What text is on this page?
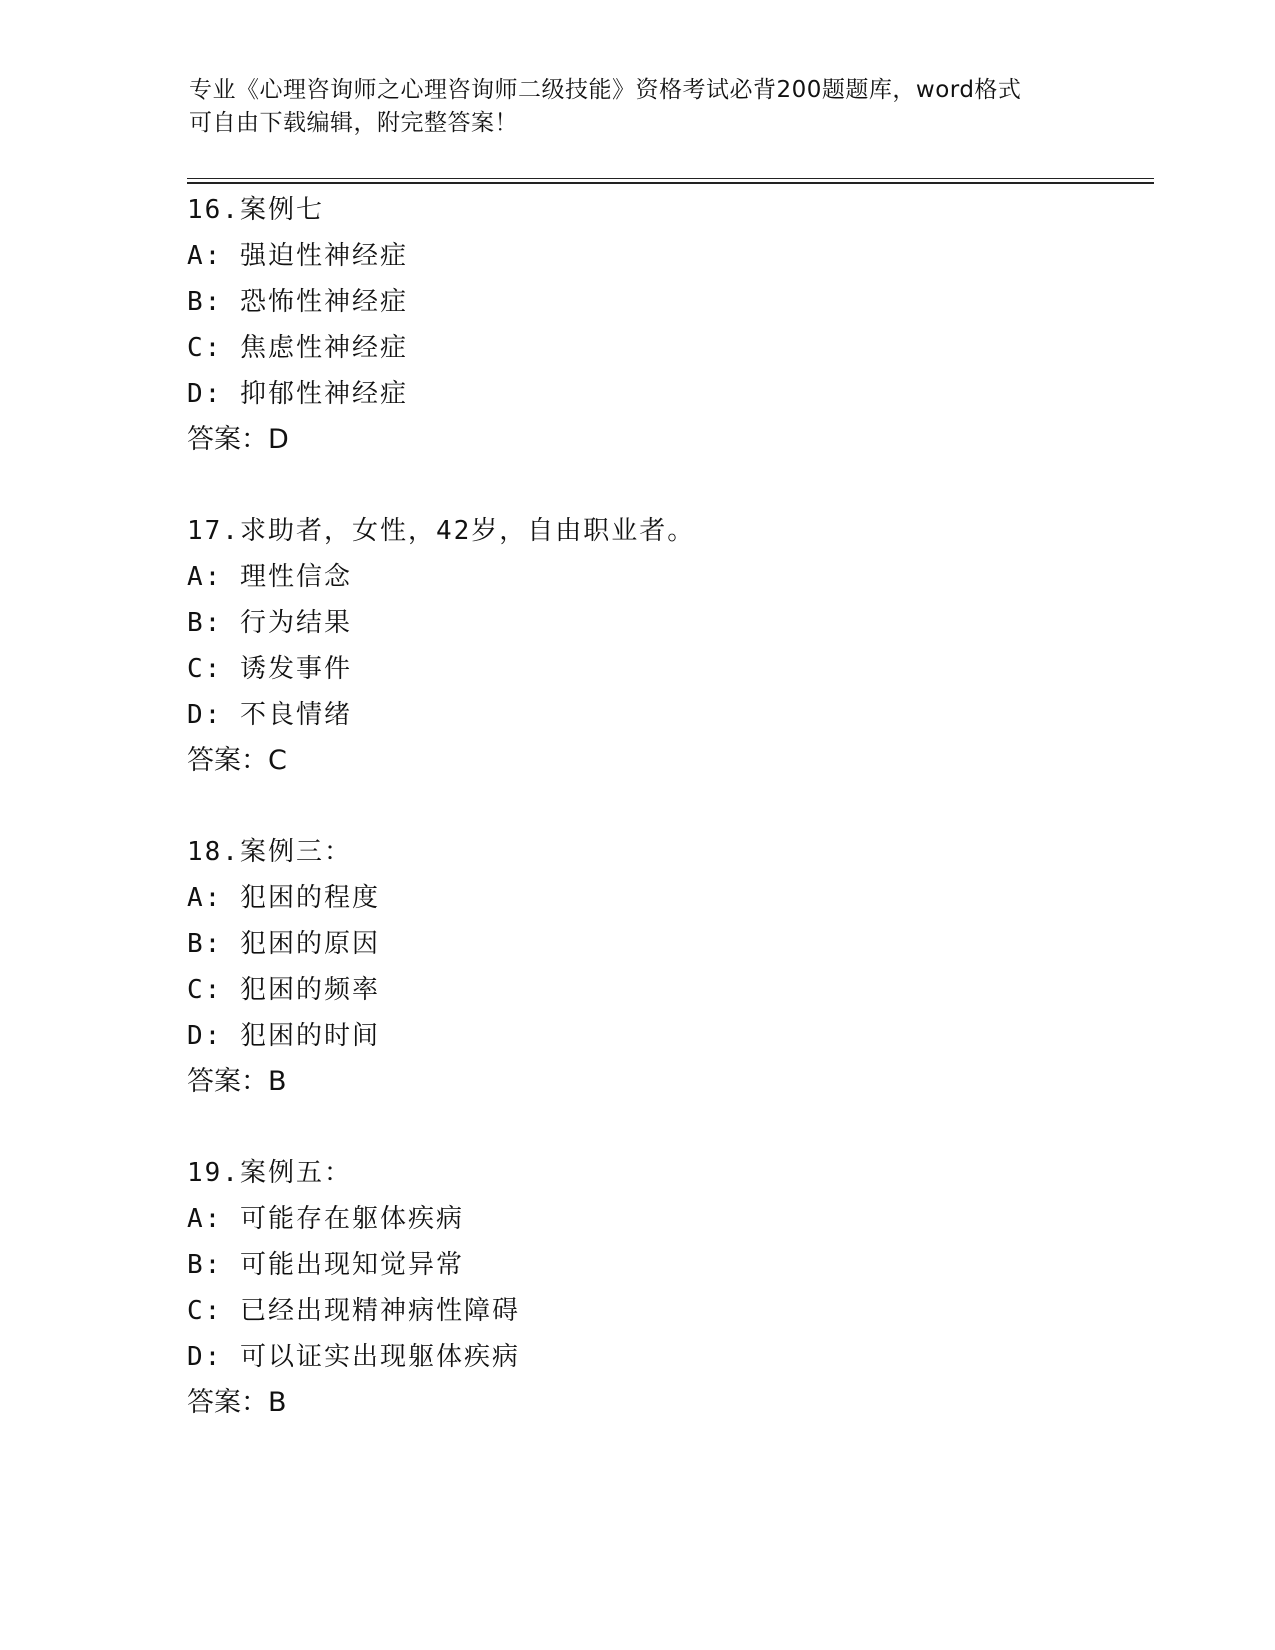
专业《心理咨询师之心理咨询师二级技能》资格考试必背200题题库，word格式
可自由下载编辑，附完整答案！
16.案例七
A: 强迫性神经症
B: 恐怖性神经症
C: 焦虑性神经症
D: 抑郁性神经症
答案：D
17.求助者，女性，42岁，自由职业者。
A: 理性信念
B: 行为结果
C: 诱发事件
D: 不良情绪
答案：C
18.案例三：
A: 犯困的程度
B: 犯困的原因
C: 犯困的频率
D: 犯困的时间
答案：B
19.案例五：
A: 可能存在躯体疾病
B: 可能出现知觉异常
C: 已经出现精神病性障碍
D: 可以证实出现躯体疾病
答案：B
